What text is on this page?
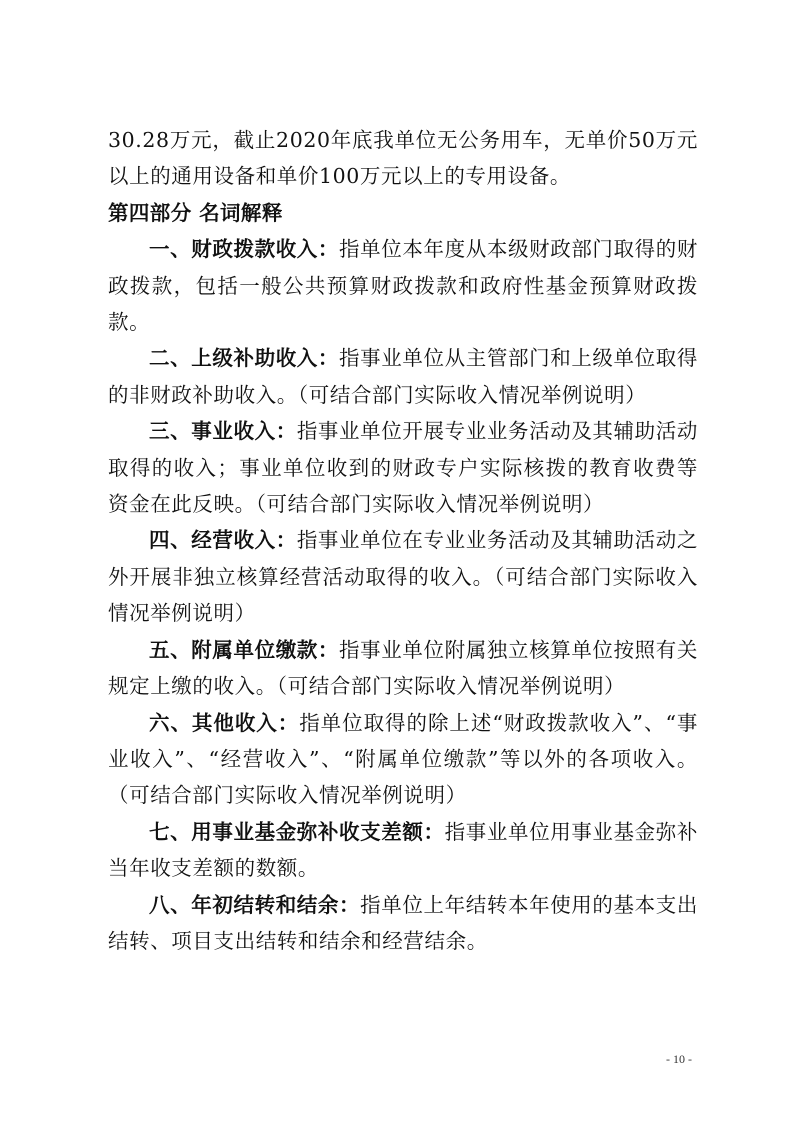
30.28万元，截止2020年底我单位无公务用车，无单价50万元以上的通用设备和单价100万元以上的专用设备。

第四部分 名词解释

一、财政拨款收入：指单位本年度从本级财政部门取得的财政拨款，包括一般公共预算财政拨款和政府性基金预算财政拨款。

二、上级补助收入：指事业单位从主管部门和上级单位取得的非财政补助收入。（可结合部门实际收入情况举例说明）

三、事业收入：指事业单位开展专业业务活动及其辅助活动取得的收入；事业单位收到的财政专户实际核拨的教育收费等资金在此反映。（可结合部门实际收入情况举例说明）

四、经营收入：指事业单位在专业业务活动及其辅助活动之外开展非独立核算经营活动取得的收入。（可结合部门实际收入情况举例说明）

五、附属单位缴款：指事业单位附属独立核算单位按照有关规定上缴的收入。（可结合部门实际收入情况举例说明）

六、其他收入：指单位取得的除上述“财政拨款收入”、“事业收入”、“经营收入”、“附属单位缴款”等以外的各项收入。（可结合部门实际收入情况举例说明）

七、用事业基金弥补收支差额：指事业单位用事业基金弥补当年收支差额的数额。

八、年初结转和结余：指单位上年结转本年使用的基本支出结转、项目支出结转和结余和经营结余。

- 10 -
